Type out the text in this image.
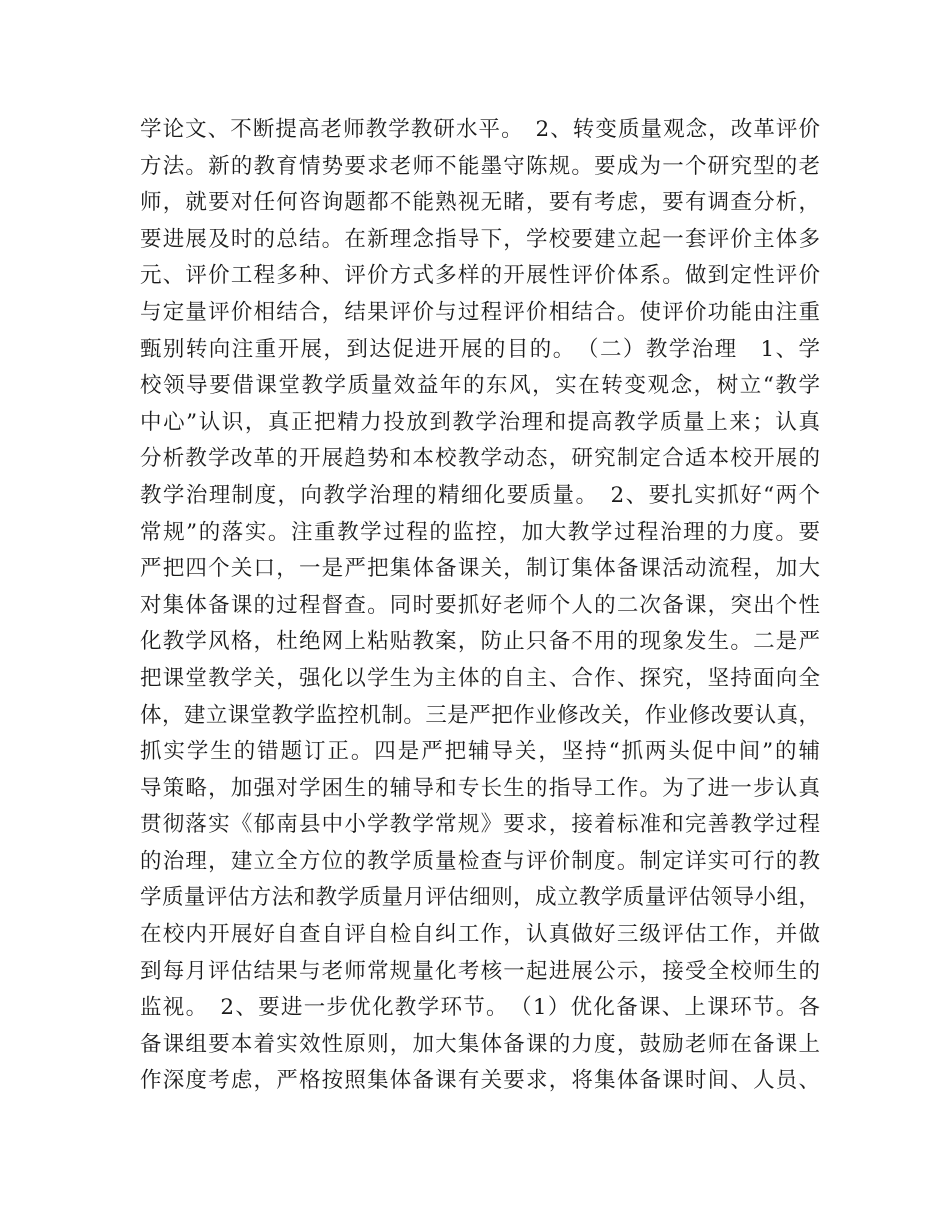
学论文、不断提高老师教学教研水平。　2、转变质量观念，改革评价
方法。新的教育情势要求老师不能墨守陈规。要成为一个研究型的老
师，就要对任何咨询题都不能熟视无睹，要有考虑，要有调查分析，
要进展及时的总结。在新理念指导下，学校要建立起一套评价主体多
元、评价工程多种、评价方式多样的开展性评价体系。做到定性评价
与定量评价相结合，结果评价与过程评价相结合。使评价功能由注重
甄别转向注重开展，到达促进开展的目的。　（二）教学治理　1、学
校领导要借课堂教学质量效益年的东风，实在转变观念，树立“教学
中心”认识，真正把精力投放到教学治理和提高教学质量上来；认真
分析教学改革的开展趋势和本校教学动态，研究制定合适本校开展的
教学治理制度，向教学治理的精细化要质量。　2、要扎实抓好“两个
常规”的落实。注重教学过程的监控，加大教学过程治理的力度。要
严把四个关口，一是严把集体备课关，制订集体备课活动流程，加大
对集体备课的过程督查。同时要抓好老师个人的二次备课，突出个性
化教学风格，杜绝网上粘贴教案，防止只备不用的现象发生。二是严
把课堂教学关，强化以学生为主体的自主、合作、探究，坚持面向全
体，建立课堂教学监控机制。三是严把作业修改关，作业修改要认真，
抓实学生的错题订正。四是严把辅导关，坚持“抓两头促中间”的辅
导策略，加强对学困生的辅导和专长生的指导工作。为了进一步认真
贯彻落实《郁南县中小学教学常规》要求，接着标准和完善教学过程
的治理，建立全方位的教学质量检查与评价制度。制定详实可行的教
学质量评估方法和教学质量月评估细则，成立教学质量评估领导小组，
在校内开展好自查自评自检自纠工作，认真做好三级评估工作，并做
到每月评估结果与老师常规量化考核一起进展公示，接受全校师生的
监视。　2、要进一步优化教学环节。　（1）优化备课、上课环节。各
备课组要本着实效性原则，加大集体备课的力度，鼓励老师在备课上
作深度考虑，严格按照集体备课有关要求，将集体备课时间、人员、
